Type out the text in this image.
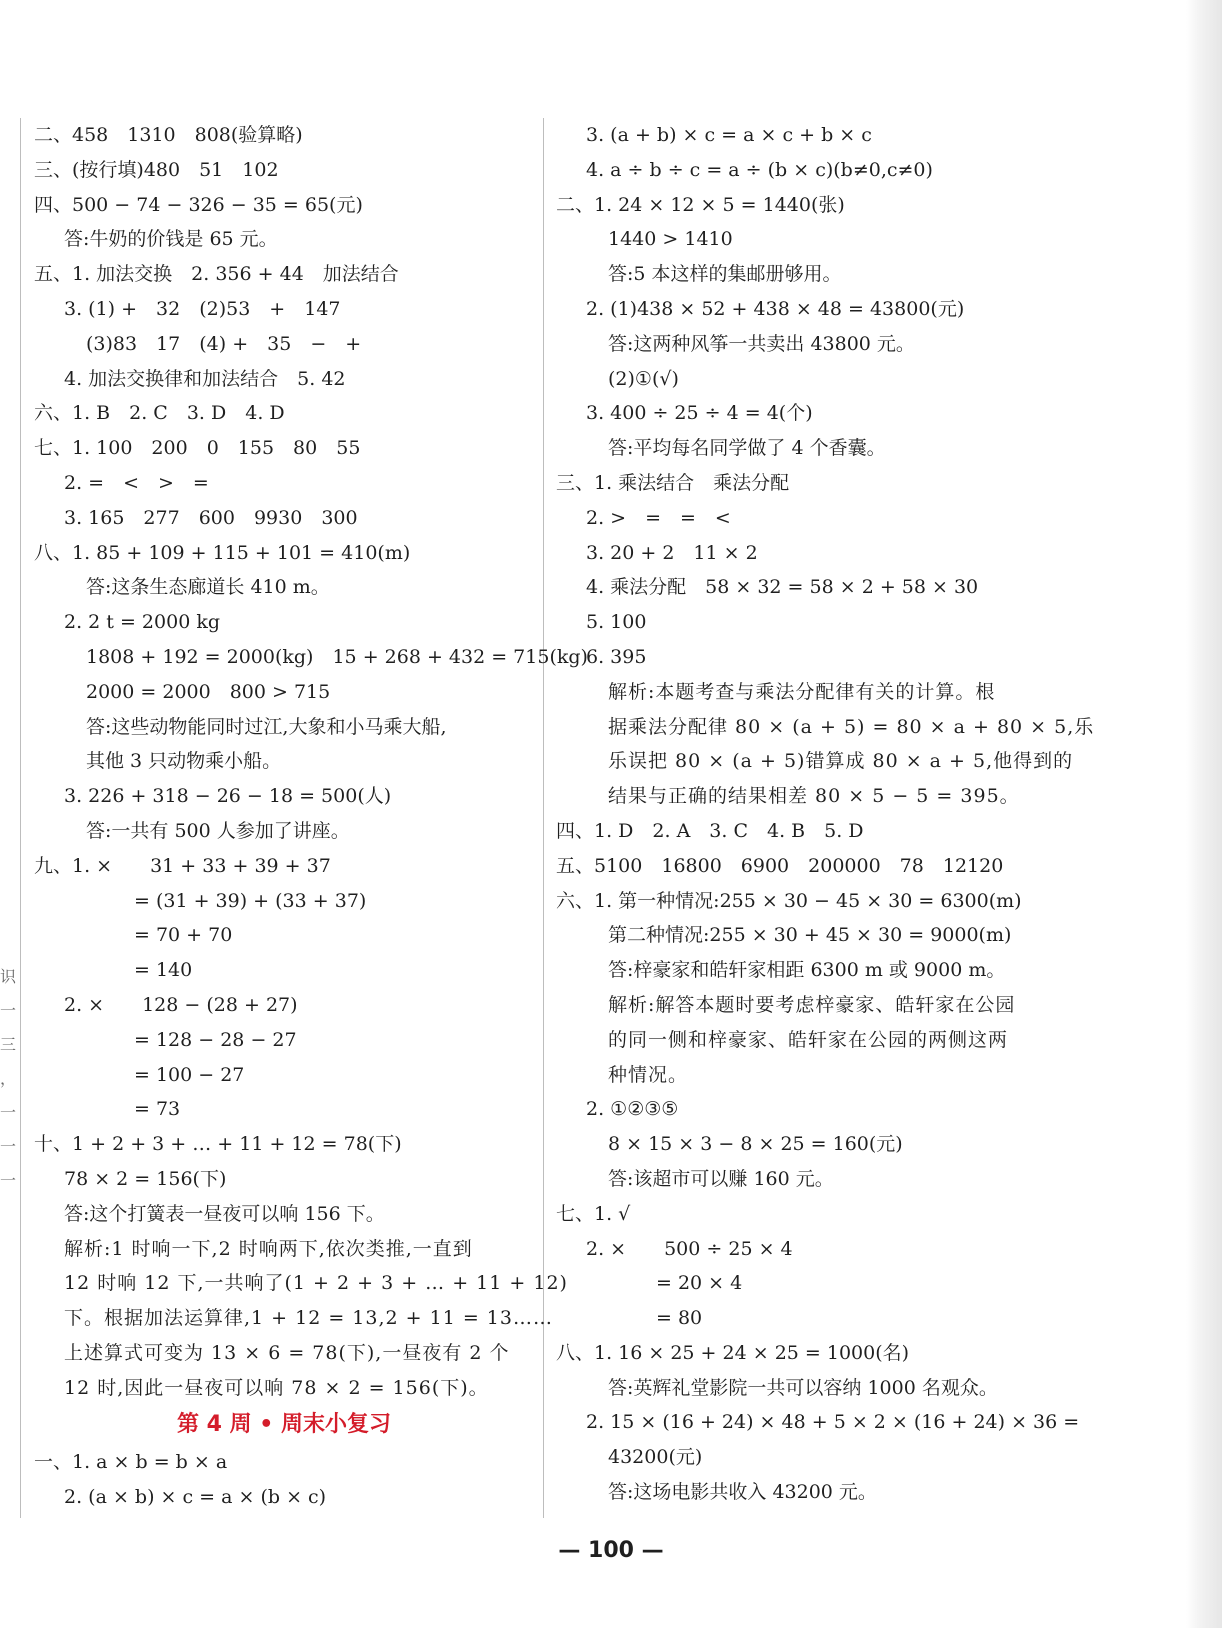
识
一
三
，
一
一
一
二、458　1310　808(验算略)
三、(按行填)480　51　102
四、500 − 74 − 326 − 35 = 65(元)
答:牛奶的价钱是 65 元。
五、1. 加法交换　2. 356 + 44　加法结合
3. (1) +　32　(2)53　+　147
(3)83　17　(4) +　35　−　+
4. 加法交换律和加法结合　5. 42
六、1. B　2. C　3. D　4. D
七、1. 100　200　0　155　80　55
2. =　<　>　=
3. 165　277　600　9930　300
八、1. 85 + 109 + 115 + 101 = 410(m)
答:这条生态廊道长 410 m。
2. 2 t = 2000 kg
1808 + 192 = 2000(kg)　15 + 268 + 432 = 715(kg)
2000 = 2000　800 > 715
答:这些动物能同时过江,大象和小马乘大船,
其他 3 只动物乘小船。
3. 226 + 318 − 26 − 18 = 500(人)
答:一共有 500 人参加了讲座。
九、1. ×　　31 + 33 + 39 + 37
= (31 + 39) + (33 + 37)
= 70 + 70
= 140
2. ×　　128 − (28 + 27)
= 128 − 28 − 27
= 100 − 27
= 73
十、1 + 2 + 3 + … + 11 + 12 = 78(下)
78 × 2 = 156(下)
答:这个打簧表一昼夜可以响 156 下。
解析:1 时响一下,2 时响两下,依次类推,一直到
12 时响 12 下,一共响了(1 + 2 + 3 + … + 11 + 12)
下。根据加法运算律,1 + 12 = 13,2 + 11 = 13……
上述算式可变为 13 × 6 = 78(下),一昼夜有 2 个
12 时,因此一昼夜可以响 78 × 2 = 156(下)。
第 4 周 • 周末小复习
一、1. a × b = b × a
2. (a × b) × c = a × (b × c)
3. (a + b) × c = a × c + b × c
4. a ÷ b ÷ c = a ÷ (b × c)(b≠0,c≠0)
二、1. 24 × 12 × 5 = 1440(张)
1440 > 1410
答:5 本这样的集邮册够用。
2. (1)438 × 52 + 438 × 48 = 43800(元)
答:这两种风筝一共卖出 43800 元。
(2)①(√)
3. 400 ÷ 25 ÷ 4 = 4(个)
答:平均每名同学做了 4 个香囊。
三、1. 乘法结合　乘法分配
2. >　=　=　<
3. 20 + 2　11 × 2
4. 乘法分配　58 × 32 = 58 × 2 + 58 × 30
5. 100
6. 395
解析:本题考查与乘法分配律有关的计算。根
据乘法分配律 80 × (a + 5) = 80 × a + 80 × 5,乐
乐误把 80 × (a + 5)错算成 80 × a + 5,他得到的
结果与正确的结果相差 80 × 5 − 5 = 395。
四、1. D　2. A　3. C　4. B　5. D
五、5100　16800　6900　200000　78　12120
六、1. 第一种情况:255 × 30 − 45 × 30 = 6300(m)
第二种情况:255 × 30 + 45 × 30 = 9000(m)
答:梓豪家和皓轩家相距 6300 m 或 9000 m。
解析:解答本题时要考虑梓豪家、皓轩家在公园
的同一侧和梓豪家、皓轩家在公园的两侧这两
种情况。
2. ①②③⑤
8 × 15 × 3 − 8 × 25 = 160(元)
答:该超市可以赚 160 元。
七、1. √
2. ×　　500 ÷ 25 × 4
= 20 × 4
= 80
八、1. 16 × 25 + 24 × 25 = 1000(名)
答:英辉礼堂影院一共可以容纳 1000 名观众。
2. 15 × (16 + 24) × 48 + 5 × 2 × (16 + 24) × 36 =
43200(元)
答:这场电影共收入 43200 元。
— 100 —
